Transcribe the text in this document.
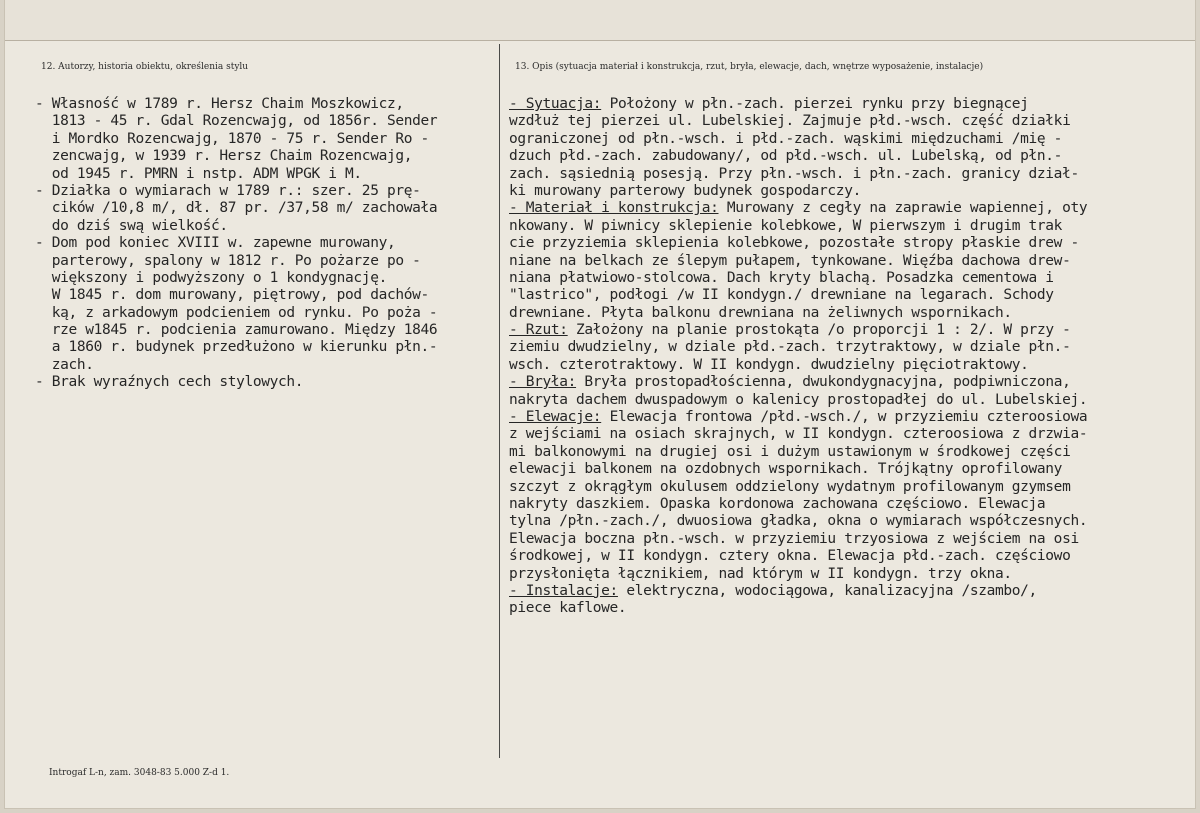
12. Autorzy, historia obiektu, określenia stylu	13. Opis (sytuacja materiał i konstrukcja, rzut, bryła, elewacje, dach, wnętrze wyposażenie, instalacje)
- Własność w 1789 r. Hersz Chaim Moszkowicz,
1813 - 45 r. Gdal Rozencwajg, od 1856r. Sender
i Mordko Rozencwajg, 1870 - 75 r. Sender Ro -
zencwajg, w 1939 r. Hersz Chaim Rozencwajg,
od 1945 r. PMRN i nstp. ADM WPGK i M.
- Działka o wymiarach w 1789 r.: szer. 25 prę-
cików /10,8 m/, dł. 87 pr. /37,58 m/ zachowała
do dziś swą wielkość.
- Dom pod koniec XVIII w. zapewne murowany,
parterowy, spalony w 1812 r. Po pożarze po -
większony i podwyższony o 1 kondygnację.
W 1845 r. dom murowany, piętrowy, pod dachów-
ką, z arkadowym podcieniem od rynku. Po poża -
rze w1845 r. podcienia zamurowano. Między 1846
a 1860 r. budynek przedłużono w kierunku płn.-
zach.
- Brak wyraźnych cech stylowych.
- Sytuacja: Położony w płn.-zach. pierzei rynku przy biegnącej
wzdłuż tej pierzei ul. Lubelskiej. Zajmuje płd.-wsch. część działki
ograniczonej od płn.-wsch. i płd.-zach. wąskimi międzuchami /mię -
dzuch płd.-zach. zabudowany/, od płd.-wsch. ul. Lubelską, od płn.-
zach. sąsiednią posesją. Przy płn.-wsch. i płn.-zach. granicy dział-
ki murowany parterowy budynek gospodarczy.
- Materiał i konstrukcja: Murowany z cegły na zaprawie wapiennej, oty
nkowany. W piwnicy sklepienie kolebkowe, W pierwszym i drugim trak
cie przyziemia sklepienia kolebkowe, pozostałe stropy płaskie drew -
niane na belkach ze ślepym pułapem, tynkowane. Więźba dachowa drew-
niana płatwiowo-stolcowa. Dach kryty blachą. Posadzka cementowa i
"lastrico", podłogi /w II kondygn./ drewniane na legarach. Schody
drewniane. Płyta balkonu drewniana na żeliwnych wspornikach.
- Rzut: Założony na planie prostokąta /o proporcji 1 : 2/. W przy -
ziemiu dwudzielny, w dziale płd.-zach. trzytraktowy, w dziale płn.-
wsch. czterotraktowy. W II kondygn. dwudzielny pięciotraktowy.
- Bryła: Bryła prostopadłościenna, dwukondygnacyjna, podpiwniczona,
nakryta dachem dwuspadowym o kalenicy prostopadłej do ul. Lubelskiej.
- Elewacje: Elewacja frontowa /płd.-wsch./, w przyziemiu czteroosiowa
z wejściami na osiach skrajnych, w II kondygn. czteroosiowa z drzwia-
mi balkonowymi na drugiej osi i dużym ustawionym w środkowej części
elewacji balkonem na ozdobnych wspornikach. Trójkątny oprofilowany
szczyt z okrągłym okulusem oddzielony wydatnym profilowanym gzymsem
nakryty daszkiem. Opaska kordonowa zachowana częściowo. Elewacja
tylna /płn.-zach./, dwuosiowa gładka, okna o wymiarach współczesnych.
Elewacja boczna płn.-wsch. w przyziemiu trzyosiowa z wejściem na osi
środkowej, w II kondygn. cztery okna. Elewacja płd.-zach. częściowo
przysłonięta łącznikiem, nad którym w II kondygn. trzy okna.
- Instalacje: elektryczna, wodociągowa, kanalizacyjna /szambo/,
piece kaflowe.
Introgaf L-n, zam. 3048-83 5.000 Z-d 1.
